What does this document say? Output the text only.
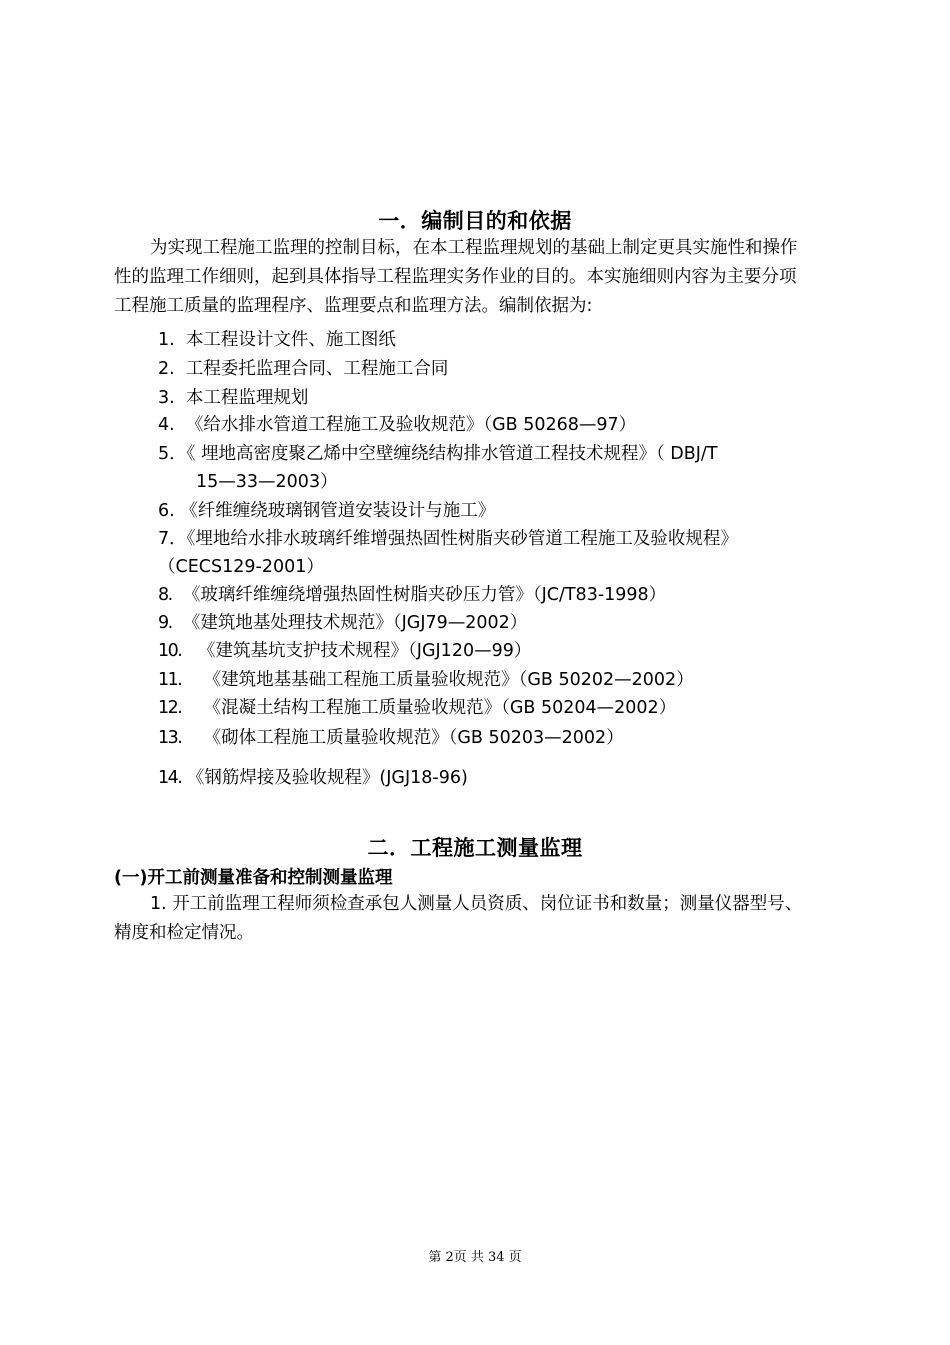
一．编制目的和依据
为实现工程施工监理的控制目标，在本工程监理规划的基础上制定更具实施性和操作
性的监理工作细则，起到具体指导工程监理实务作业的目的。本实施细则内容为主要分项
工程施工质量的监理程序、监理要点和监理方法。编制依据为:
1. 本工程设计文件、施工图纸
2. 工程委托监理合同、工程施工合同
3. 本工程监理规划
4. 《给水排水管道工程施工及验收规范》（GB 50268—97）
5．《 埋地高密度聚乙烯中空壁缠绕结构排水管道工程技术规程》（ DBJ/T
15—33—2003）
6. 《纤维缠绕玻璃钢管道安装设计与施工》
7．《埋地给水排水玻璃纤维增强热固性树脂夹砂管道工程施工及验收规程》
（CECS129-2001）
8. 《玻璃纤维缠绕增强热固性树脂夹砂压力管》（JC/T83-1998）
9. 《建筑地基处理技术规范》（JGJ79—2002）
10. 《建筑基坑支护技术规程》（JGJ120—99）
11. 《建筑地基基础工程施工质量验收规范》（GB 50202—2002）
12. 《混凝土结构工程施工质量验收规范》（GB 50204—2002）
13. 《砌体工程施工质量验收规范》（GB 50203—2002）
14. 《钢筋焊接及验收规程》(JGJ18-96)
二．工程施工测量监理
(一)开工前测量准备和控制测量监理
1. 开工前监理工程师须检查承包人测量人员资质、岗位证书和数量；测量仪器型号、
精度和检定情况。
第 2页 共 34 页
